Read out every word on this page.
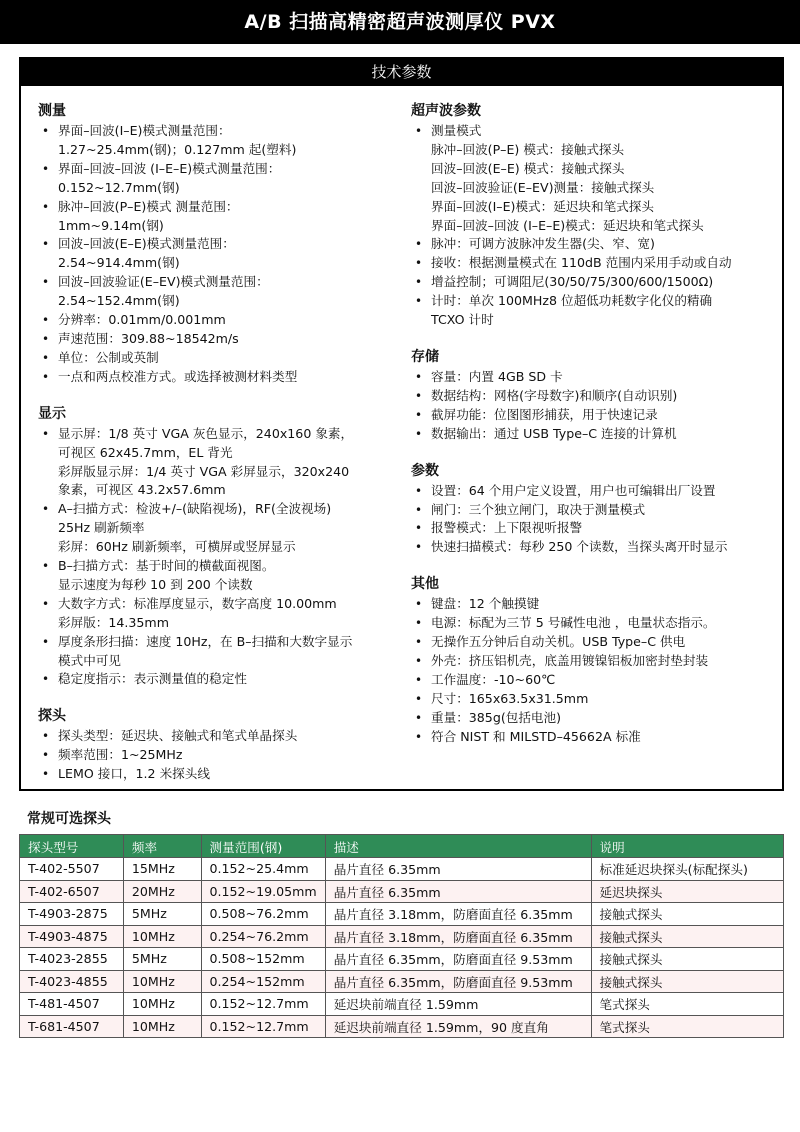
A/B 扫描高精密超声波测厚仪 PVX
技术参数
测量
• 界面–回波(I–E)模式测量范围：
1.27~25.4mm(钢)；0.127mm 起(塑料)
• 界面–回波–回波 (I–E–E)模式测量范围：
0.152~12.7mm(钢)
• 脉冲–回波(P–E)模式 测量范围：
1mm~9.14m(钢)
• 回波–回波(E–E)模式测量范围：
2.54~914.4mm(钢)
• 回波–回波验证(E–EV)模式测量范围：
2.54~152.4mm(钢)
• 分辨率：0.01mm/0.001mm
• 声速范围：309.88~18542m/s
• 单位：公制或英制
• 一点和两点校准方式。或选择被测材料类型
显示
• 显示屏：1/8 英寸 VGA 灰色显示，240x160 象素，
可视区 62x45.7mm，EL 背光
彩屏版显示屏：1/4 英寸 VGA 彩屏显示，320x240
象素，可视区 43.2x57.6mm
• A–扫描方式：检波+/–(缺陷视场)，RF(全波视场)
25Hz 刷新频率
彩屏：60Hz 刷新频率，可横屏或竖屏显示
• B–扫描方式：基于时间的横截面视图。
显示速度为每秒 10 到 200 个读数
• 大数字方式：标准厚度显示，数字高度 10.00mm
彩屏版：14.35mm
• 厚度条形扫描：速度 10Hz，在 B–扫描和大数字显示
模式中可见
• 稳定度指示：表示测量值的稳定性
探头
• 探头类型：延迟块、接触式和笔式单晶探头
• 频率范围：1~25MHz
• LEMO 接口，1.2 米探头线
超声波参数
• 测量模式
脉冲–回波(P–E) 模式：接触式探头
回波–回波(E–E) 模式：接触式探头
回波–回波验证(E–EV)测量：接触式探头
界面–回波(I–E)模式：延迟块和笔式探头
界面–回波–回波 (I–E–E)模式：延迟块和笔式探头
• 脉冲：可调方波脉冲发生器(尖、窄、宽)
• 接收：根据测量模式在 110dB 范围内采用手动或自动
• 增益控制；可调阻尼(30/50/75/300/600/1500Ω)
• 计时：单次 100MHz8 位超低功耗数字化仪的精确
TCXO 计时
存储
• 容量：内置 4GB SD 卡
• 数据结构：网格(字母数字)和顺序(自动识别)
• 截屏功能：位图图形捕获，用于快速记录
• 数据输出：通过 USB Type–C 连接的计算机
参数
• 设置：64 个用户定义设置，用户也可编辑出厂设置
• 闸门：三个独立闸门，取决于测量模式
• 报警模式：上下限视听报警
• 快速扫描模式：每秒 250 个读数，当探头离开时显示
其他
• 键盘：12 个触摸键
• 电源：标配为三节 5 号碱性电池 ，电量状态指示。
• 无操作五分钟后自动关机。USB Type–C 供电
• 外壳：挤压铝机壳，底盖用镀镍铝板加密封垫封装
• 工作温度：-10~60℃
• 尺寸：165x63.5x31.5mm
• 重量：385g(包括电池)
• 符合 NIST 和 MILSTD–45662A 标准
常规可选探头
探头型号	频率	测量范围(钢)	描述	说明
T-402-5507	15MHz	0.152~25.4mm	晶片直径 6.35mm	标准延迟块探头(标配探头)
T-402-6507	20MHz	0.152~19.05mm	晶片直径 6.35mm	延迟块探头
T-4903-2875	5MHz	0.508~76.2mm	晶片直径 3.18mm，防磨面直径 6.35mm	接触式探头
T-4903-4875	10MHz	0.254~76.2mm	晶片直径 3.18mm，防磨面直径 6.35mm	接触式探头
T-4023-2855	5MHz	0.508~152mm	晶片直径 6.35mm，防磨面直径 9.53mm	接触式探头
T-4023-4855	10MHz	0.254~152mm	晶片直径 6.35mm，防磨面直径 9.53mm	接触式探头
T-481-4507	10MHz	0.152~12.7mm	延迟块前端直径 1.59mm	笔式探头
T-681-4507	10MHz	0.152~12.7mm	延迟块前端直径 1.59mm，90 度直角	笔式探头
